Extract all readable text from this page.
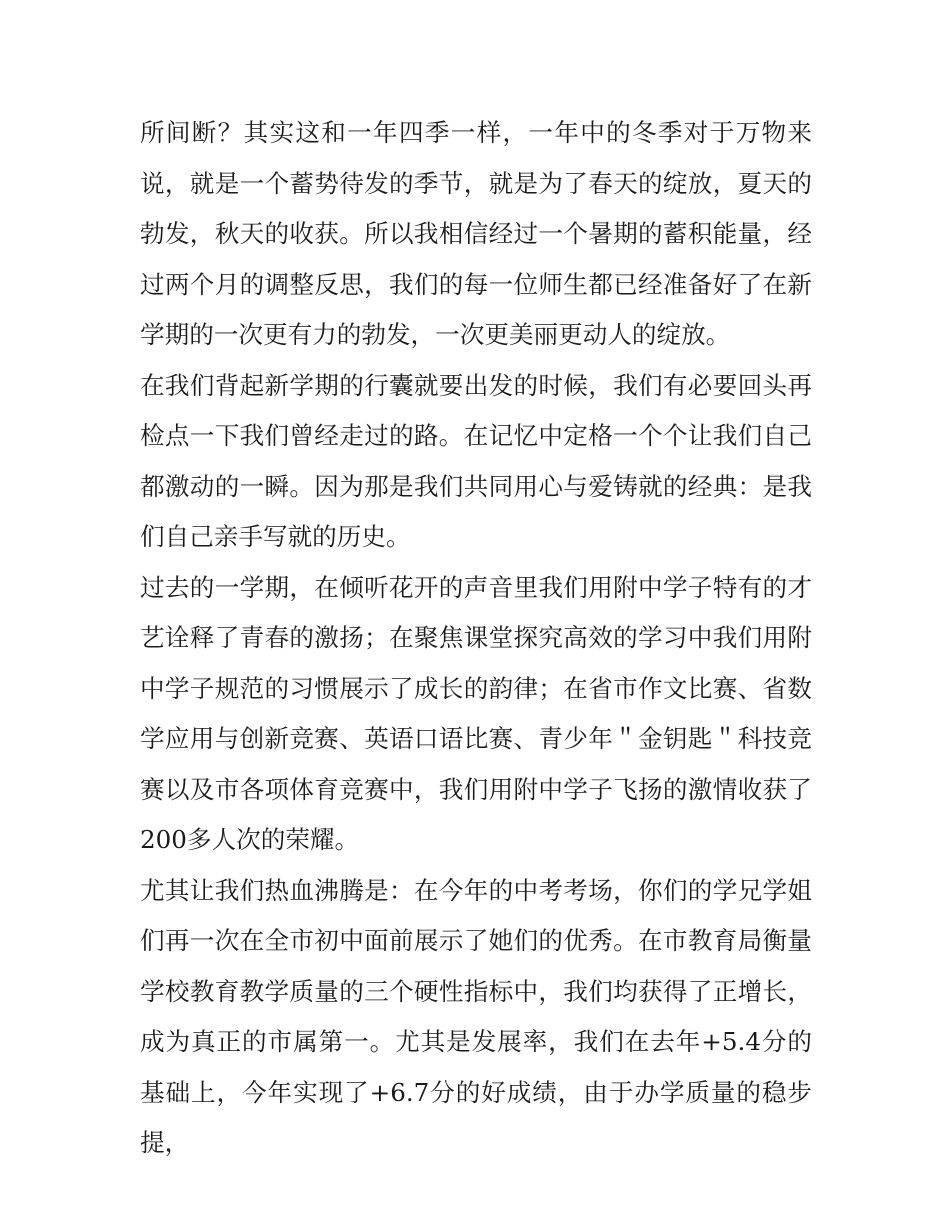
所间断？其实这和一年四季一样，一年中的冬季对于万物来说，就是一个蓄势待发的季节，就是为了春天的绽放，夏天的勃发，秋天的收获。所以我相信经过一个暑期的蓄积能量，经过两个月的调整反思，我们的每一位师生都已经准备好了在新学期的一次更有力的勃发，一次更美丽更动人的绽放。

在我们背起新学期的行囊就要出发的时候，我们有必要回头再检点一下我们曾经走过的路。在记忆中定格一个个让我们自己都激动的一瞬。因为那是我们共同用心与爱铸就的经典：是我们自己亲手写就的历史。

过去的一学期，在倾听花开的声音里我们用附中学子特有的才艺诠释了青春的激扬；在聚焦课堂探究高效的学习中我们用附中学子规范的习惯展示了成长的韵律；在省市作文比赛、省数学应用与创新竞赛、英语口语比赛、青少年＂金钥匙＂科技竞赛以及市各项体育竞赛中，我们用附中学子飞扬的激情收获了200多人次的荣耀。

尤其让我们热血沸腾是：在今年的中考考场，你们的学兄学姐们再一次在全市初中面前展示了她们的优秀。在市教育局衡量学校教育教学质量的三个硬性指标中，我们均获得了正增长，成为真正的市属第一。尤其是发展率，我们在去年+5.4分的基础上，今年实现了+6.7分的好成绩，由于办学质量的稳步提，
